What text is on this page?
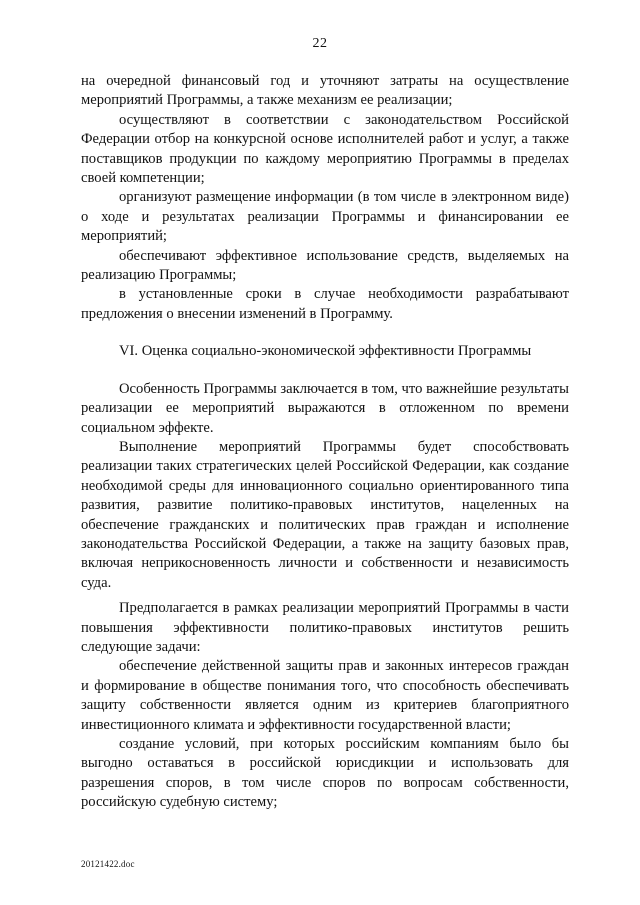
22

на очередной финансовый год и уточняют затраты на осуществление мероприятий Программы, а также механизм ее реализации;

осуществляют в соответствии с законодательством Российской Федерации отбор на конкурсной основе исполнителей работ и услуг, а также поставщиков продукции по каждому мероприятию Программы в пределах своей компетенции;

организуют размещение информации (в том числе в электронном виде) о ходе и результатах реализации Программы и финансировании ее мероприятий;

обеспечивают эффективное использование средств, выделяемых на реализацию Программы;

в установленные сроки в случае необходимости разрабатывают предложения о внесении изменений в Программу.

VI. Оценка социально-экономической эффективности Программы

Особенность Программы заключается в том, что важнейшие результаты реализации ее мероприятий выражаются в отложенном по времени социальном эффекте.

Выполнение мероприятий Программы будет способствовать реализации таких стратегических целей Российской Федерации, как создание необходимой среды для инновационного социально ориентированного типа развития, развитие политико-правовых институтов, нацеленных на обеспечение гражданских и политических прав граждан и исполнение законодательства Российской Федерации, а также на защиту базовых прав, включая неприкосновенность личности и собственности и независимость суда.

Предполагается в рамках реализации мероприятий Программы в части повышения эффективности политико-правовых институтов решить следующие задачи:

обеспечение действенной защиты прав и законных интересов граждан и формирование в обществе понимания того, что способность обеспечивать защиту собственности является одним из критериев благоприятного инвестиционного климата и эффективности государственной власти;

создание условий, при которых российским компаниям было бы выгодно оставаться в российской юрисдикции и использовать для разрешения споров, в том числе споров по вопросам собственности, российскую судебную систему;

20121422.doc
